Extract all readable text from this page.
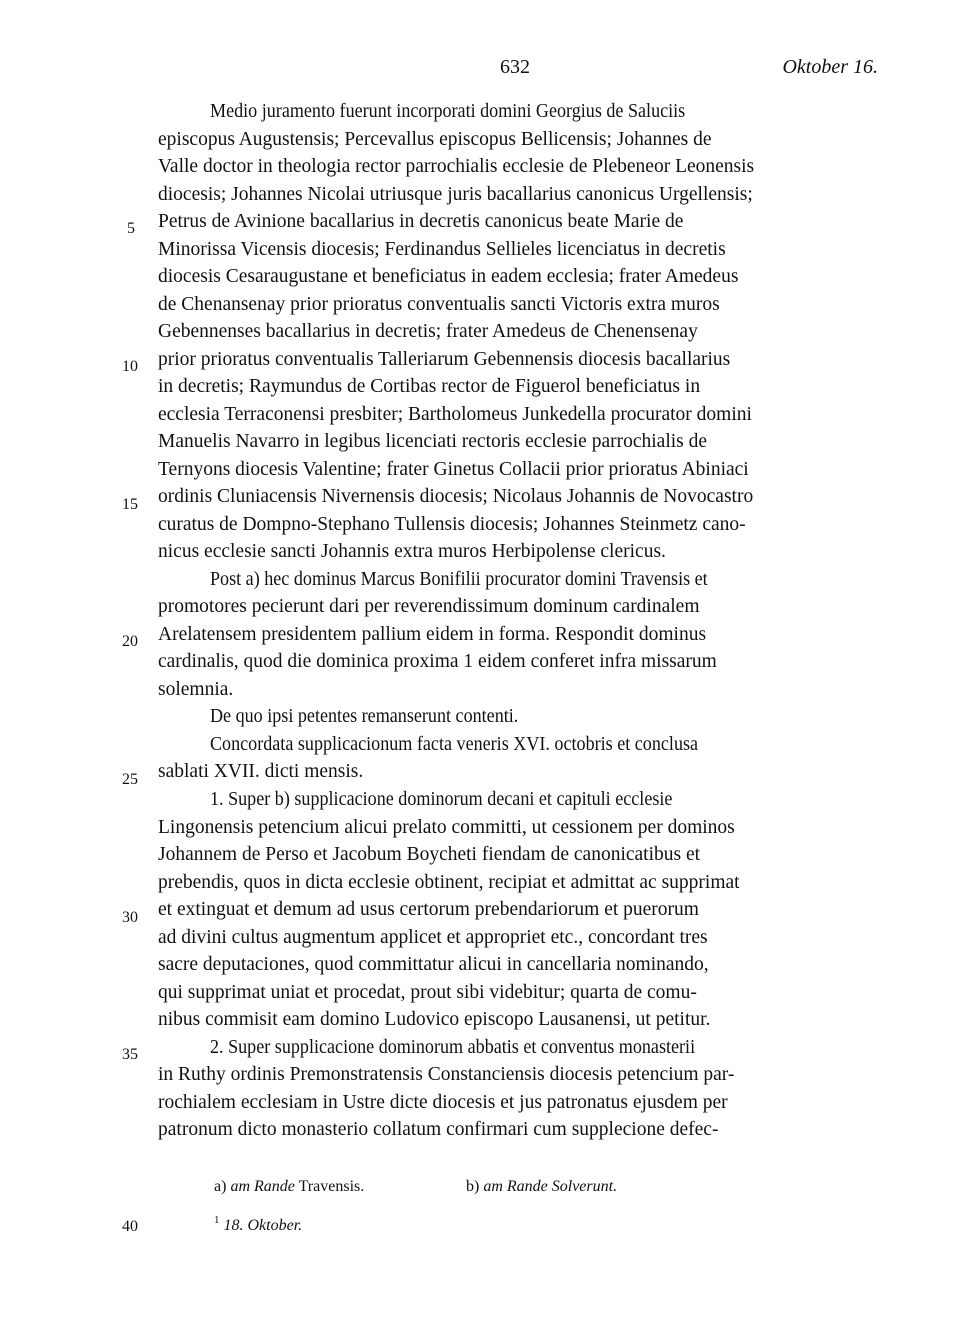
632	Oktober 16.
Medio juramento fuerunt incorporati domini Georgius de Saluciis
episcopus Augustensis; Percevallus episcopus Bellicensis; Johannes de
Valle doctor in theologia rector parrochialis ecclesie de Plebeneor Leonensis
diocesis; Johannes Nicolai utriusque juris bacallarius canonicus Urgellensis;
Petrus de Avinione bacallarius in decretis canonicus beate Marie de
Minorissa Vicensis diocesis; Ferdinandus Sellieles licenciatus in decretis
diocesis Cesaraugustane et beneficiatus in eadem ecclesia; frater Amedeus
de Chenansenay prior prioratus conventualis sancti Victoris extra muros
Gebennenses bacallarius in decretis; frater Amedeus de Chenensenay
prior prioratus conventualis Talleriarum Gebennensis diocesis bacallarius
in decretis; Raymundus de Cortibas rector de Figuerol beneficiatus in
ecclesia Terraconensi presbiter; Bartholomeus Junkedella procurator domini
Manuelis Navarro in legibus licenciati rectoris ecclesie parrochialis de
Ternyons diocesis Valentine; frater Ginetus Collacii prior prioratus Abiniaci
ordinis Cluniacensis Nivernensis diocesis; Nicolaus Johannis de Novocastro
curatus de Dompno-Stephano Tullensis diocesis; Johannes Steinmetz cano-
nicus ecclesie sancti Johannis extra muros Herbipolense clericus.
Post a) hec dominus Marcus Bonifilii procurator domini Travensis et
promotores pecierunt dari per reverendissimum dominum cardinalem
Arelatensem presidentem pallium eidem in forma. Respondit dominus
cardinalis, quod die dominica proxima 1 eidem conferet infra missarum
solemnia.
De quo ipsi petentes remanserunt contenti.
Concordata supplicacionum facta veneris XVI. octobris et conclusa
sablati XVII. dicti mensis.
1. Super b) supplicacione dominorum decani et capituli ecclesie
Lingonensis petencium alicui prelato committi, ut cessionem per dominos
Johannem de Perso et Jacobum Boycheti fiendam de canonicatibus et
prebendis, quos in dicta ecclesie obtinent, recipiat et admittat ac supprimat
et extinguat et demum ad usus certorum prebendariorum et puerorum
ad divini cultus augmentum applicet et appropriet etc., concordant tres
sacre deputaciones, quod committatur alicui in cancellaria nominando,
qui supprimat uniat et procedat, prout sibi videbitur; quarta de comu-
nibus commisit eam domino Ludovico episcopo Lausanensi, ut petitur.
2. Super supplicacione dominorum abbatis et conventus monasterii
in Ruthy ordinis Premonstratensis Constanciensis diocesis petencium par-
rochialem ecclesiam in Ustre dicte diocesis et jus patronatus ejusdem per
patronum dicto monasterio collatum confirmari cum supplecione defec-
5
10
15
20
25
30
35
40
a) am Rande Travensis.	b) am Rande Solverunt.
$^1$ 18. Oktober.
